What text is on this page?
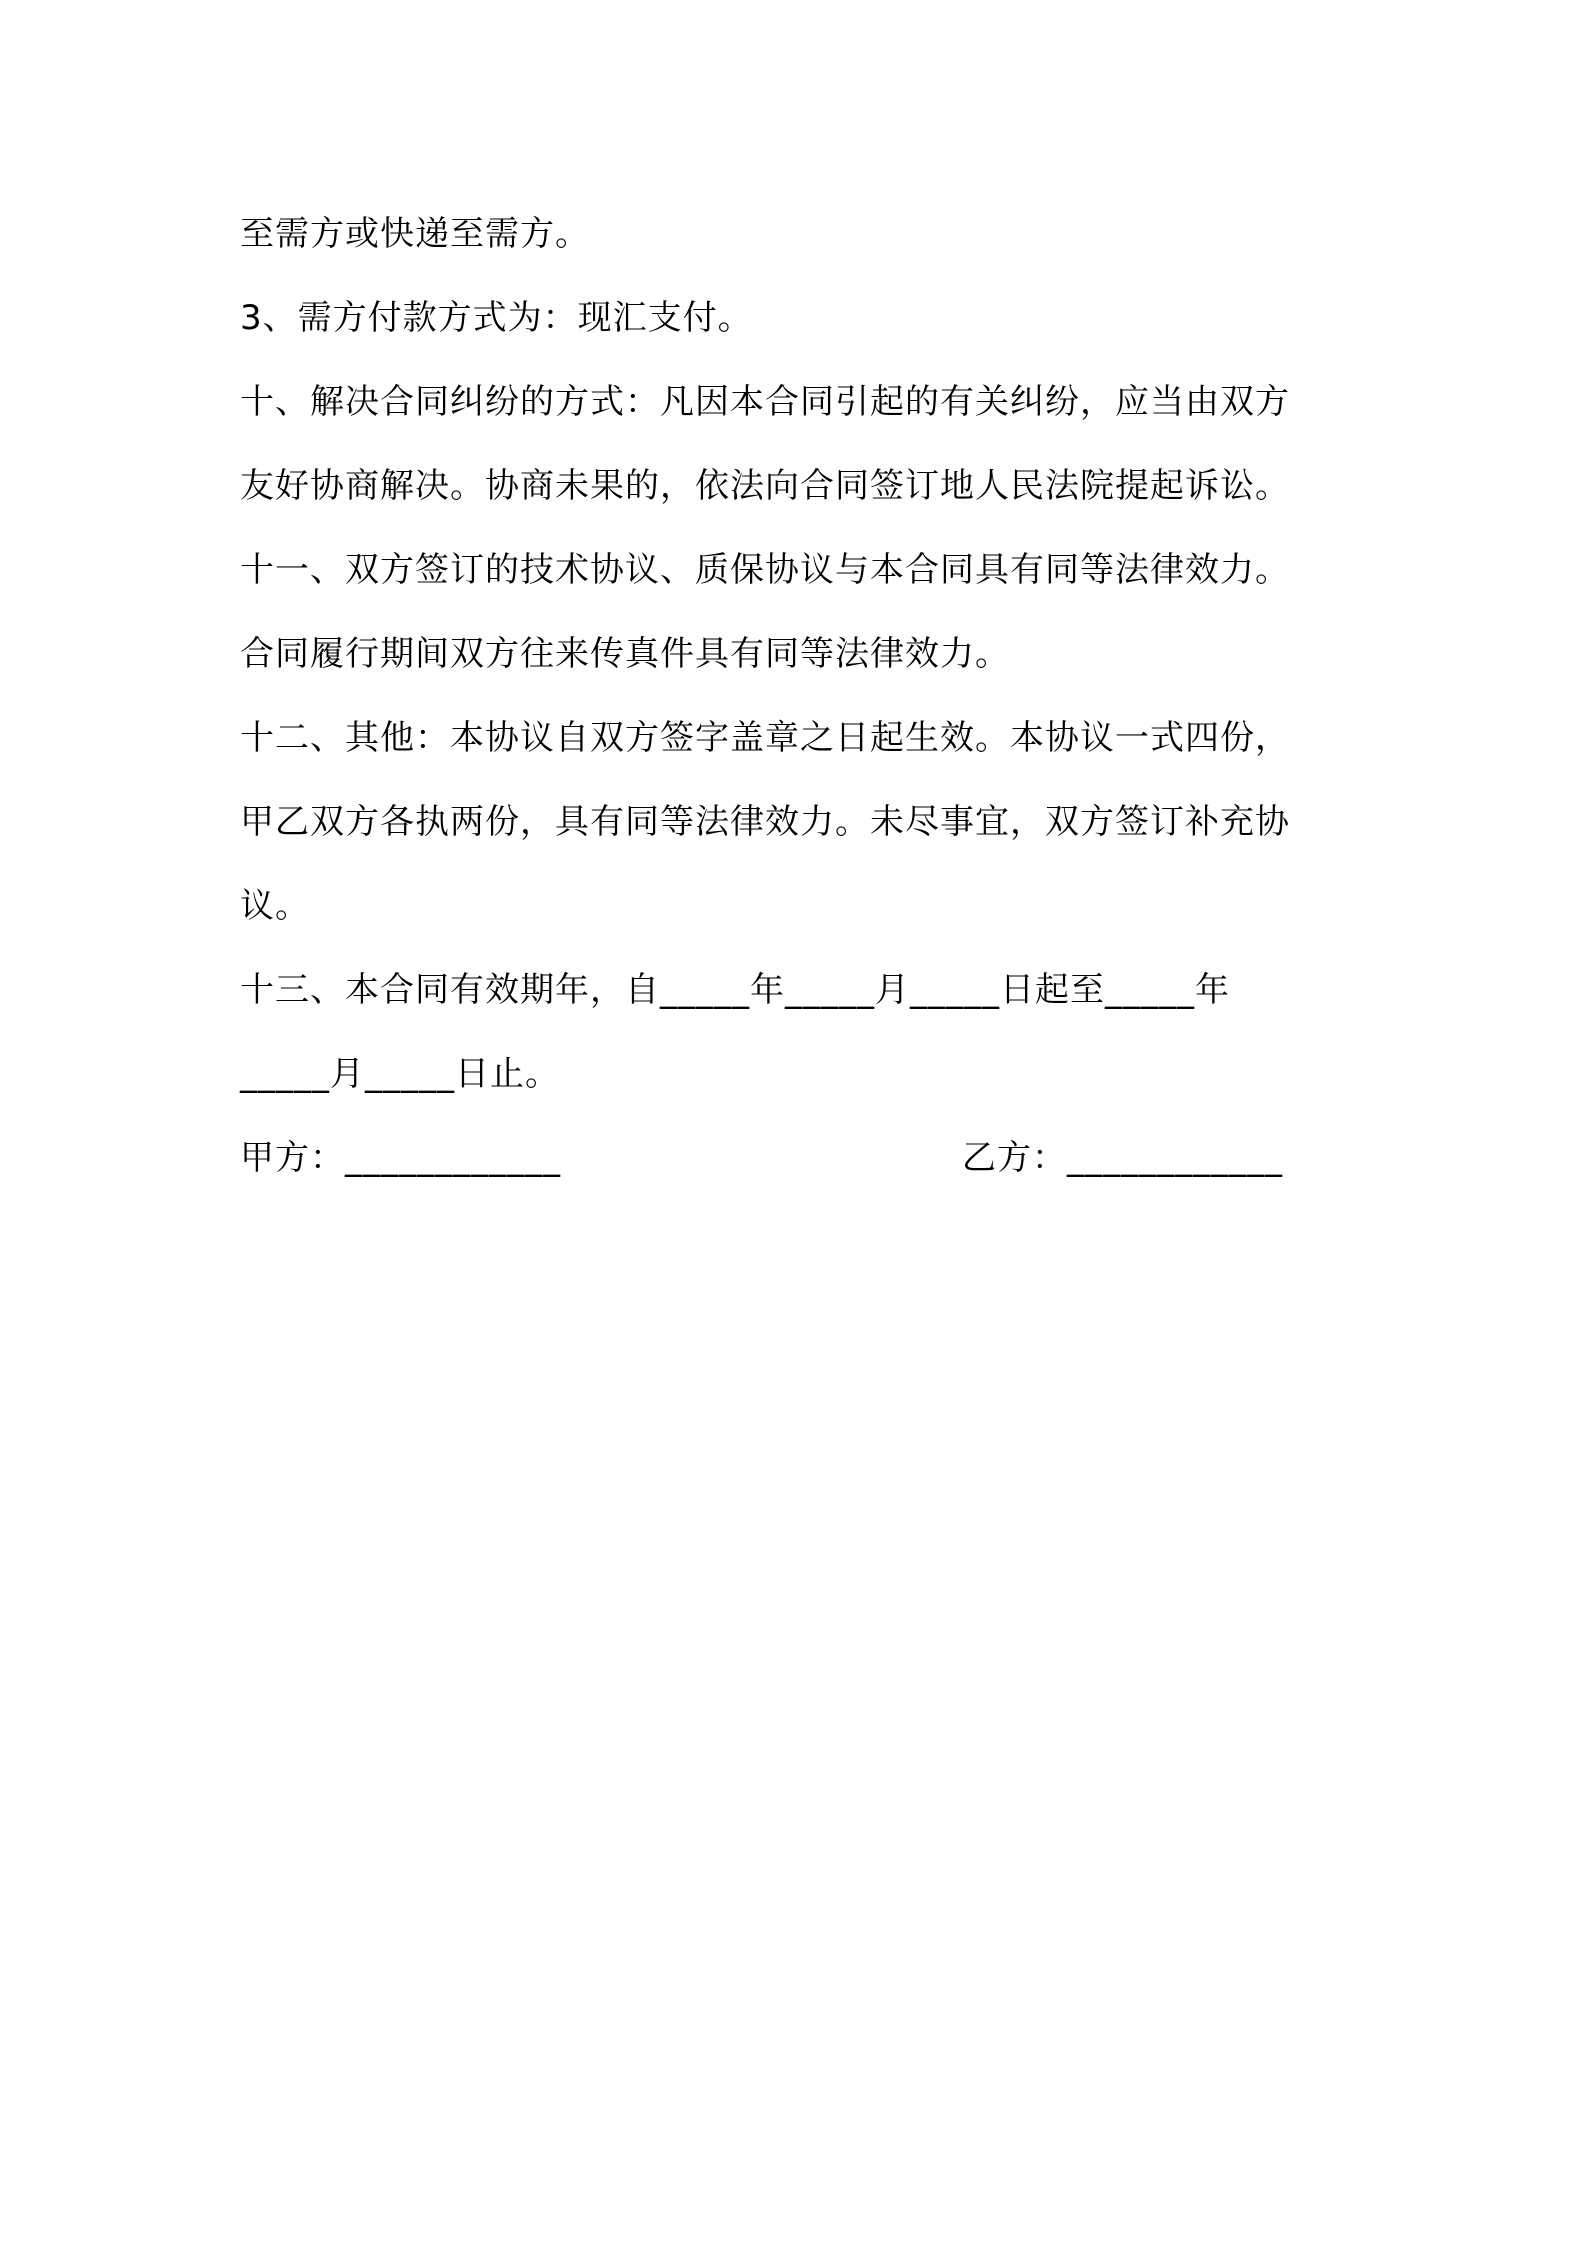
至需方或快递至需方。

3、需方付款方式为：现汇支付。

十、解决合同纠纷的方式：凡因本合同引起的有关纠纷，应当由双方

友好协商解决。协商未果的，依法向合同签订地人民法院提起诉讼。

十一、双方签订的技术协议、质保协议与本合同具有同等法律效力。

合同履行期间双方往来传真件具有同等法律效力。

十二、其他：本协议自双方签字盖章之日起生效。本协议一式四份，

甲乙双方各执两份，具有同等法律效力。未尽事宜，双方签订补充协

议。

十三、本合同有效期年，自_____年_____月_____日起至_____年

_____月_____日止。

甲方：____________	乙方：____________
